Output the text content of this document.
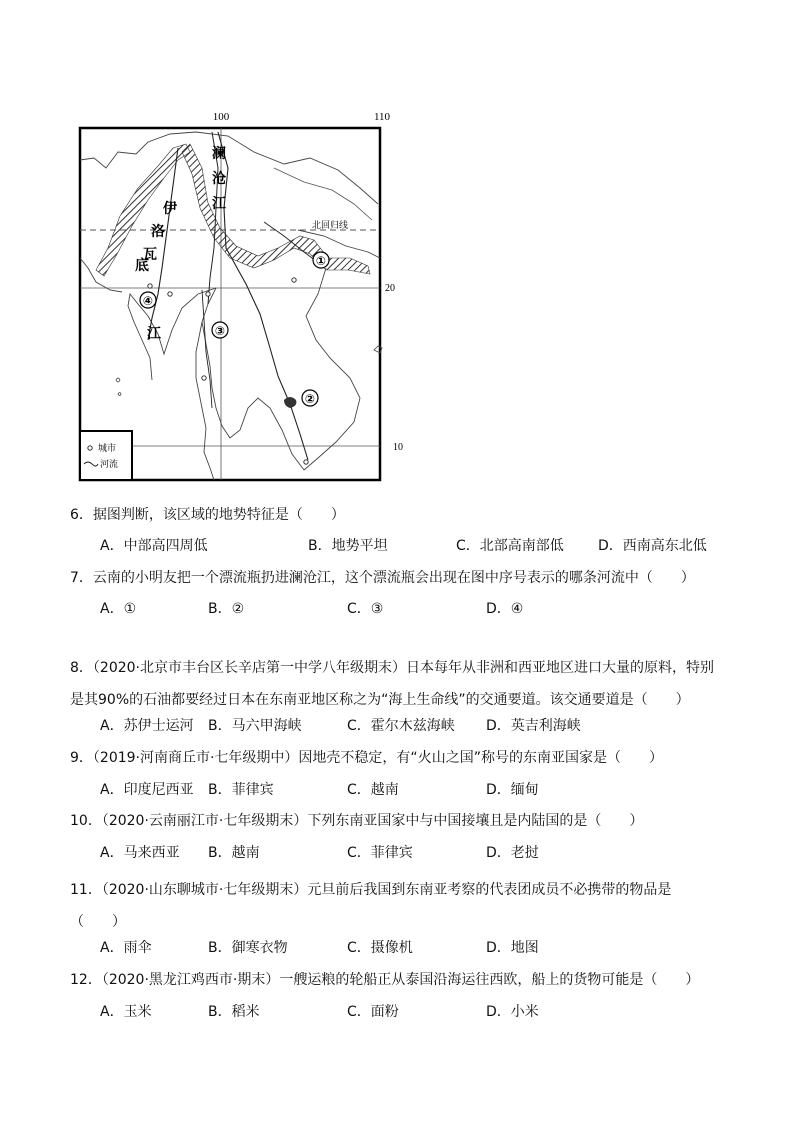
100	110
20
10
澜
沧
江
伊
洛
瓦
底
江
北回归线
①
②
③
④
城市
河流
6．据图判断，该区域的地势特征是（　　）
A．中部高四周低	B．地势平坦	C．北部高南部低 D．西南高东北低
7．云南的小明友把一个漂流瓶扔进澜沧江，这个漂流瓶会出现在图中序号表示的哪条河流中（　　）
A．①	B．②	C．③	D．④
8．（2020·北京市丰台区长辛店第一中学八年级期末）日本每年从非洲和西亚地区进口大量的原料，特别是其90%的石油都要经过日本在东南亚地区称之为“海上生命线”的交通要道。该交通要道是（　　）
A．苏伊士运河 B．马六甲海峡	C．霍尔木兹海峡 D．英吉利海峡
9．（2019·河南商丘市·七年级期中）因地壳不稳定，有“火山之国”称号的东南亚国家是（　　）
A．印度尼西亚 B．菲律宾	C．越南	D．缅甸
10．（2020·云南丽江市·七年级期末）下列东南亚国家中与中国接壤且是内陆国的是（　　）
A．马来西亚 B．越南	C．菲律宾	D．老挝
11．（2020·山东聊城市·七年级期末）元旦前后我国到东南亚考察的代表团成员不必携带的物品是（　　）
A．雨伞	B．御寒衣物	C．摄像机	D．地图
12．（2020·黑龙江鸡西市·期末）一艘运粮的轮船正从泰国沿海运往西欧，船上的货物可能是（　　）
A．玉米	B．稻米	C．面粉	D．小米
